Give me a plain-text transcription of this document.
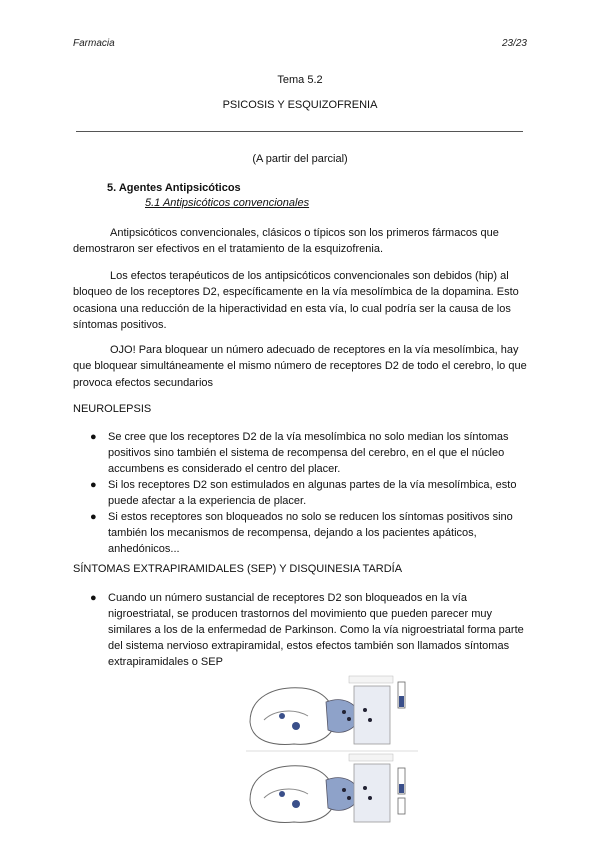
Farmacia	23/23
Tema 5.2
PSICOSIS Y ESQUIZOFRENIA
(A partir del parcial)
5. Agentes Antipsicóticos
5.1 Antipsicóticos convencionales
Antipsicóticos convencionales, clásicos o típicos son los primeros fármacos que demostraron ser efectivos en el tratamiento de la esquizofrenia.
Los efectos terapéuticos de los antipsicóticos convencionales son debidos (hip) al bloqueo de los receptores D2, específicamente en la vía mesolímbica de la dopamina. Esto ocasiona una reducción de la hiperactividad en esta vía, lo cual podría ser la causa de los síntomas positivos.
OJO! Para bloquear un número adecuado de receptores en la vía mesolímbica, hay que bloquear simultáneamente el mismo número de receptores D2 de todo el cerebro, lo que provoca efectos secundarios
NEUROLEPSIS
● Se cree que los receptores D2 de la vía mesolímbica no solo median los síntomas positivos sino también el sistema de recompensa del cerebro, en el que el núcleo accumbens es considerado el centro del placer.
● Si los receptores D2 son estimulados en algunas partes de la vía mesolímbica, esto puede afectar a la experiencia de placer.
● Si estos receptores son bloqueados no solo se reducen los síntomas positivos sino también los mecanismos de recompensa, dejando a los pacientes apáticos, anhedónicos...
SÍNTOMAS EXTRAPIRAMIDALES (SEP) Y DISQUINESIA TARDÍA
● Cuando un número sustancial de receptores D2 son bloqueados en la vía nigroestriatal, se producen trastornos del movimiento que pueden parecer muy similares a los de la enfermedad de Parkinson. Como la vía nigroestriatal forma parte del sistema nervioso extrapiramidal, estos efectos también son llamados síntomas extrapiramidales o SEP
